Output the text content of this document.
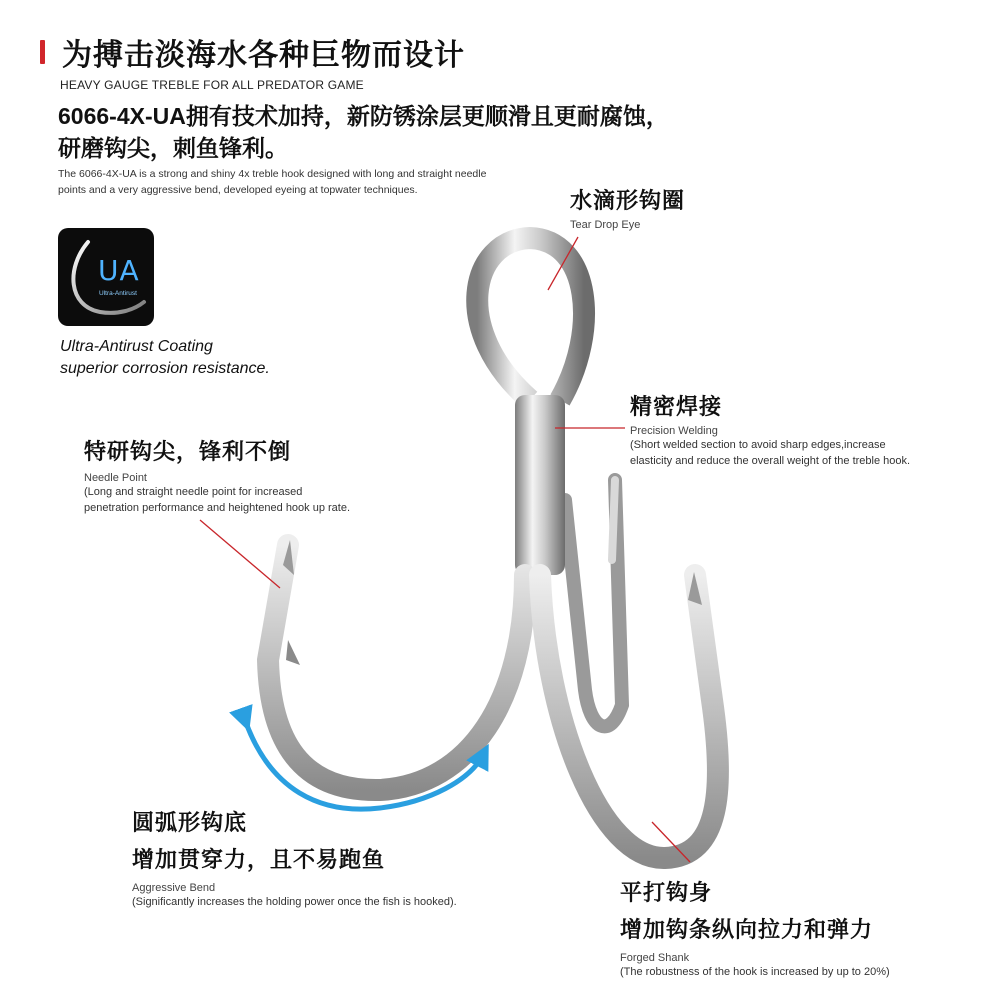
为搏击淡海水各种巨物而设计
HEAVY GAUGE TREBLE FOR ALL PREDATOR GAME
6066-4X-UA拥有技术加持，新防锈涂层更顺滑且更耐腐蚀，
研磨钩尖，刺鱼锋利。
The 6066-4X-UA is a strong and shiny 4x treble hook designed with long and straight needle
points and a very aggressive bend, developed eyeing at topwater techniques.
UA
Ultra-Antirust
Ultra-Antirust Coating
superior corrosion resistance.
水滴形钩圈
Tear Drop Eye
精密焊接
Precision Welding
(Short welded section to avoid sharp edges,increase
elasticity and reduce the overall weight of the treble hook.
特研钩尖，锋利不倒
Needle Point
(Long and straight needle point for increased
penetration performance and heightened hook up rate.
圆弧形钩底
增加贯穿力，且不易跑鱼
Aggressive Bend
(Significantly increases the holding power once the fish is hooked).	平打钩身
增加钩条纵向拉力和弹力
Forged Shank
(The robustness of the hook is increased by up to 20%)
